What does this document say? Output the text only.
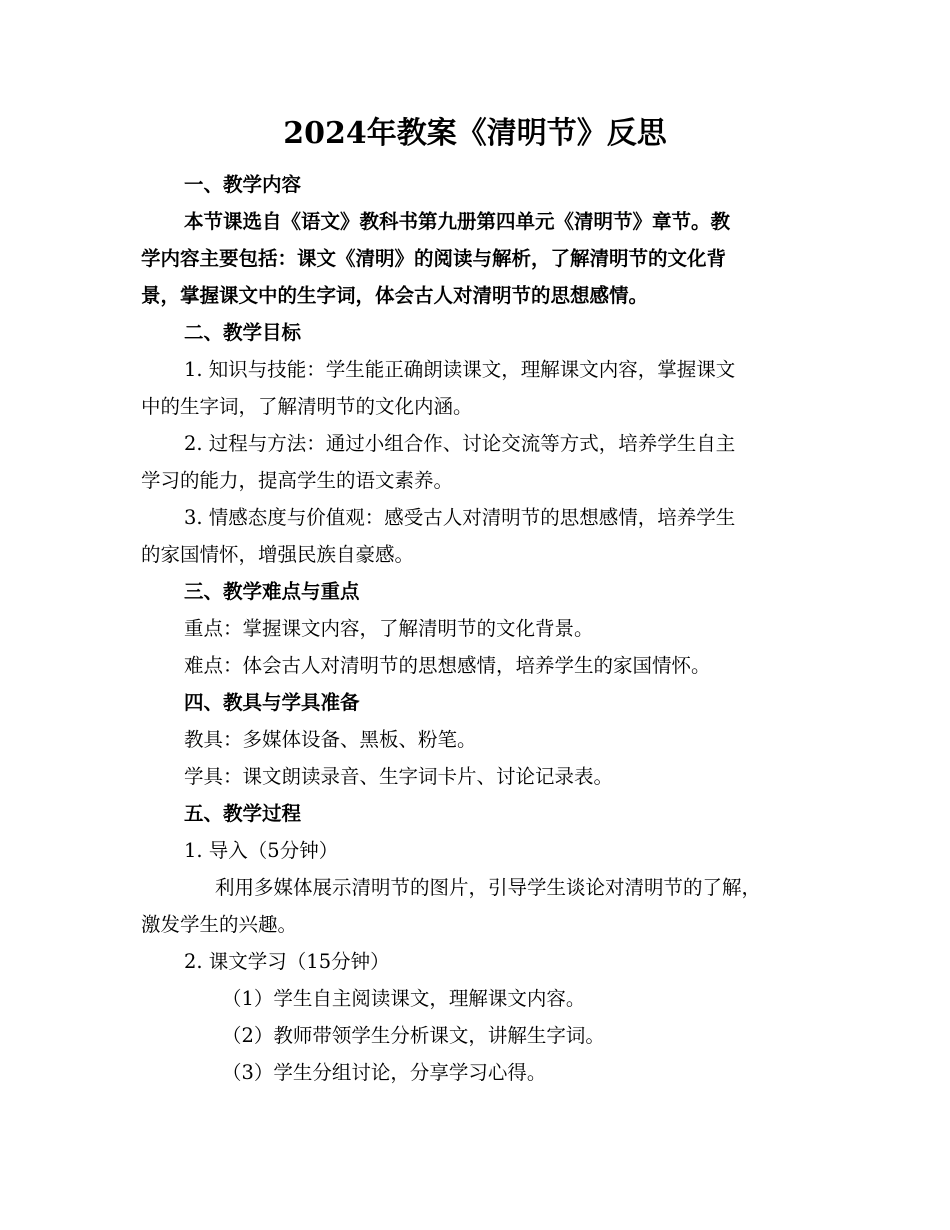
2024年教案《清明节》反思
一、教学内容
本节课选自《语文》教科书第九册第四单元《清明节》章节。教
学内容主要包括：课文《清明》的阅读与解析，了解清明节的文化背
景，掌握课文中的生字词，体会古人对清明节的思想感情。
二、教学目标
1. 知识与技能：学生能正确朗读课文，理解课文内容，掌握课文
中的生字词，了解清明节的文化内涵。
2. 过程与方法：通过小组合作、讨论交流等方式，培养学生自主
学习的能力，提高学生的语文素养。
3. 情感态度与价值观：感受古人对清明节的思想感情，培养学生
的家国情怀，增强民族自豪感。
三、教学难点与重点
重点：掌握课文内容，了解清明节的文化背景。
难点：体会古人对清明节的思想感情，培养学生的家国情怀。
四、教具与学具准备
教具：多媒体设备、黑板、粉笔。
学具：课文朗读录音、生字词卡片、讨论记录表。
五、教学过程
1. 导入（5分钟）
利用多媒体展示清明节的图片，引导学生谈论对清明节的了解，
激发学生的兴趣。
2. 课文学习（15分钟）
（1）学生自主阅读课文，理解课文内容。
（2）教师带领学生分析课文，讲解生字词。
（3）学生分组讨论，分享学习心得。
